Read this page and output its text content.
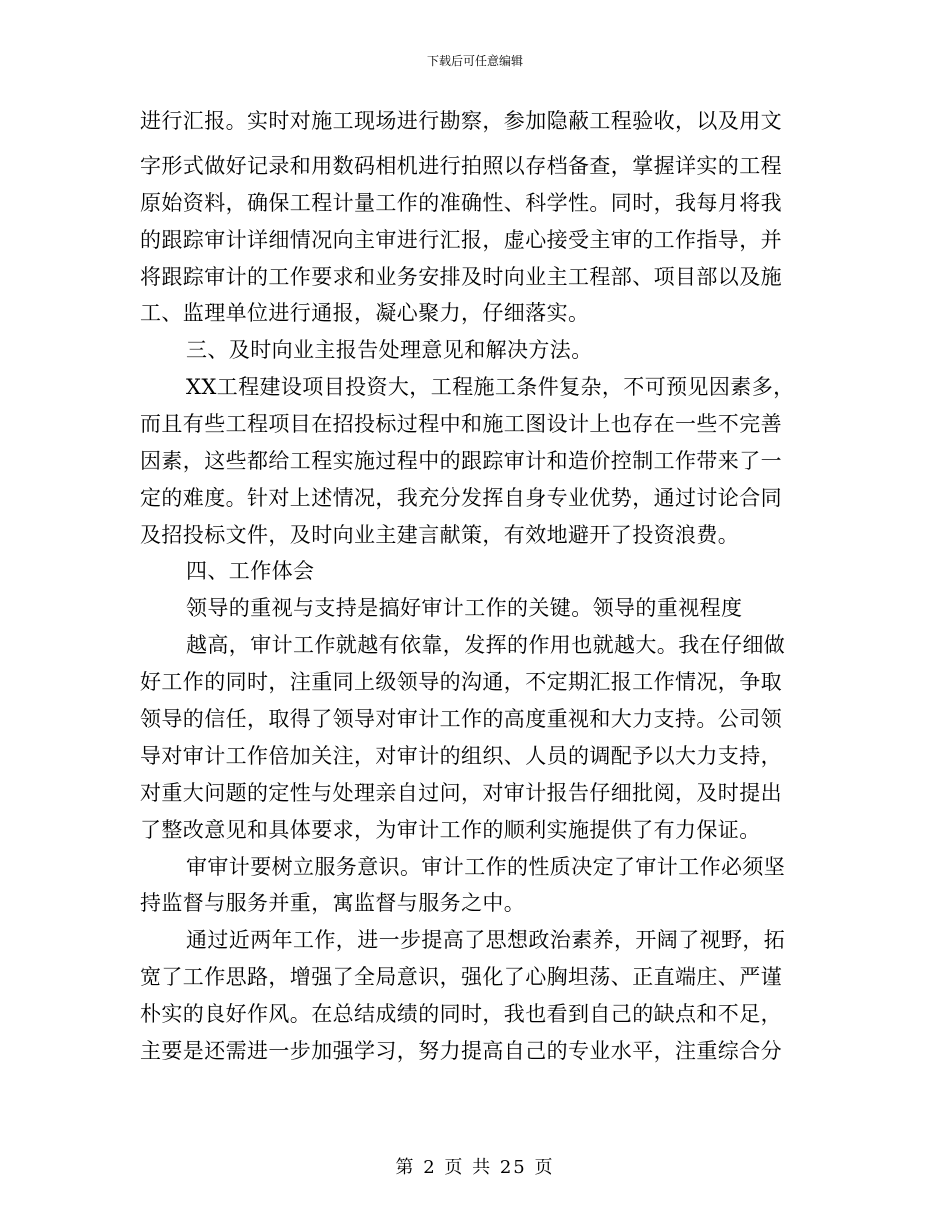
下载后可任意编辑
进行汇报。实时对施工现场进行勘察，参加隐蔽工程验收，以及用文
字形式做好记录和用数码相机进行拍照以存档备查，掌握详实的工程
原始资料，确保工程计量工作的准确性、科学性。同时，我每月将我
的跟踪审计详细情况向主审进行汇报，虚心接受主审的工作指导，并
将跟踪审计的工作要求和业务安排及时向业主工程部、项目部以及施
工、监理单位进行通报，凝心聚力，仔细落实。
三、及时向业主报告处理意见和解决方法。
XX工程建设项目投资大，工程施工条件复杂，不可预见因素多，
而且有些工程项目在招投标过程中和施工图设计上也存在一些不完善
因素，这些都给工程实施过程中的跟踪审计和造价控制工作带来了一
定的难度。针对上述情况，我充分发挥自身专业优势，通过讨论合同
及招投标文件，及时向业主建言献策，有效地避开了投资浪费。
四、工作体会
领导的重视与支持是搞好审计工作的关键。领导的重视程度
越高，审计工作就越有依靠，发挥的作用也就越大。我在仔细做
好工作的同时，注重同上级领导的沟通，不定期汇报工作情况，争取
领导的信任，取得了领导对审计工作的高度重视和大力支持。公司领
导对审计工作倍加关注，对审计的组织、人员的调配予以大力支持，
对重大问题的定性与处理亲自过问，对审计报告仔细批阅，及时提出
了整改意见和具体要求，为审计工作的顺利实施提供了有力保证。
审审计要树立服务意识。审计工作的性质决定了审计工作必须坚
持监督与服务并重，寓监督与服务之中。
通过近两年工作，进一步提高了思想政治素养，开阔了视野，拓
宽了工作思路，增强了全局意识，强化了心胸坦荡、正直端庄、严谨
朴实的良好作风。在总结成绩的同时，我也看到自己的缺点和不足，
主要是还需进一步加强学习，努力提高自己的专业水平，注重综合分
第 2 页 共 25 页
